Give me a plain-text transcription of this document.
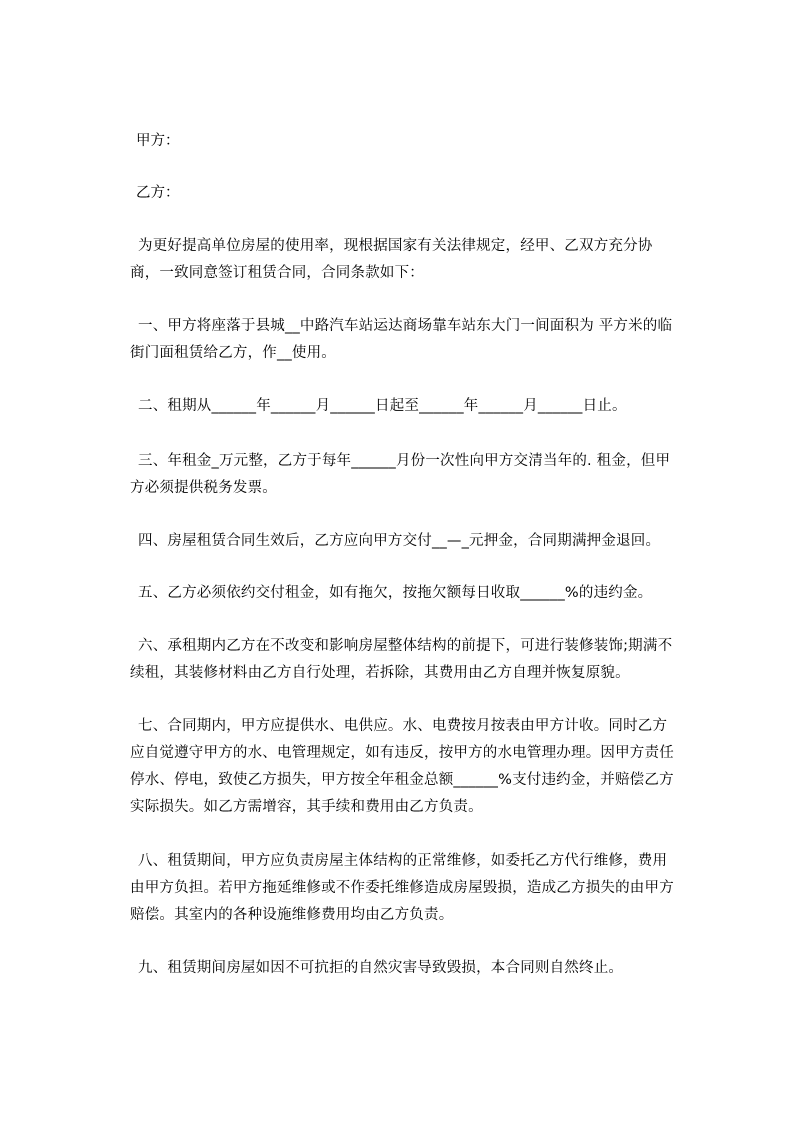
甲方：

乙方：

为更好提高单位房屋的使用率，现根据国家有关法律规定，经甲、乙双方充分协商，一致同意签订租赁合同，合同条款如下：

一、甲方将座落于县城__中路汽车站运达商场靠车站东大门一间面积为 平方米的临街门面租赁给乙方，作__使用。

二、租期从______年______月______日起至______年______月______日止。

三、年租金_万元整，乙方于每年______月份一次性向甲方交清当年的. 租金，但甲方必须提供税务发票。

四、房屋租赁合同生效后，乙方应向甲方交付__—_元押金，合同期满押金退回。

五、乙方必须依约交付租金，如有拖欠，按拖欠额每日收取______%的违约金。

六、承租期内乙方在不改变和影响房屋整体结构的前提下，可进行装修装饰;期满不续租，其装修材料由乙方自行处理，若拆除，其费用由乙方自理并恢复原貌。

七、合同期内，甲方应提供水、电供应。水、电费按月按表由甲方计收。同时乙方应自觉遵守甲方的水、电管理规定，如有违反，按甲方的水电管理办理。因甲方责任停水、停电，致使乙方损失，甲方按全年租金总额______%支付违约金，并赔偿乙方实际损失。如乙方需增容，其手续和费用由乙方负责。

八、租赁期间，甲方应负责房屋主体结构的正常维修，如委托乙方代行维修，费用由甲方负担。若甲方拖延维修或不作委托维修造成房屋毁损，造成乙方损失的由甲方赔偿。其室内的各种设施维修费用均由乙方负责。

九、租赁期间房屋如因不可抗拒的自然灾害导致毁损，本合同则自然终止。
